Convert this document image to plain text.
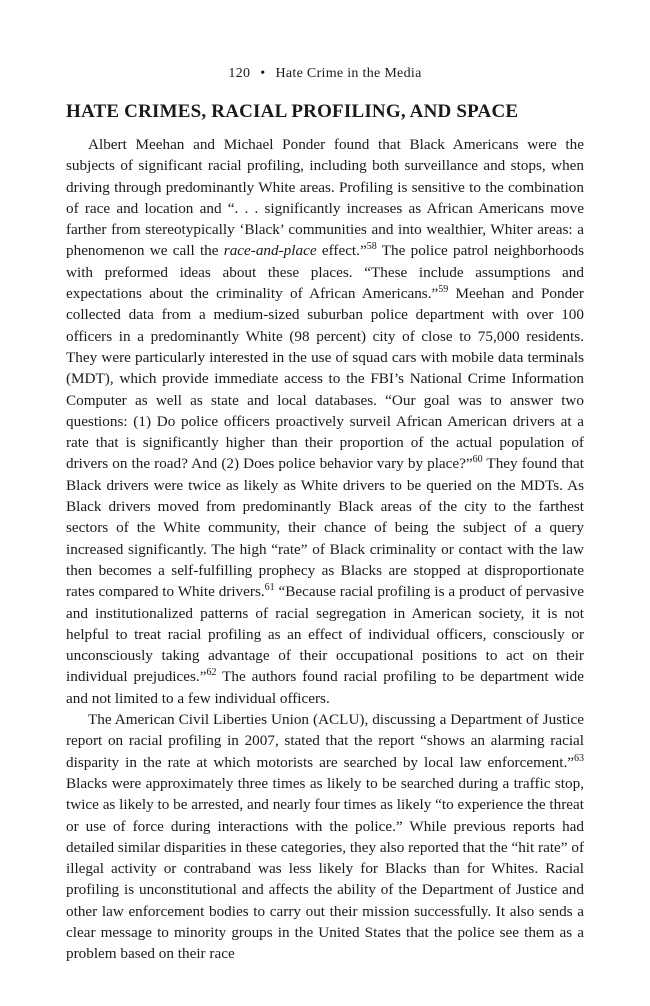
120 • Hate Crime in the Media
HATE CRIMES, RACIAL PROFILING, AND SPACE

Albert Meehan and Michael Ponder found that Black Americans were the subjects of significant racial profiling, including both surveillance and stops, when driving through predominantly White areas. Profiling is sensitive to the combination of race and location and “. . . significantly increases as African Americans move farther from stereotypically ‘Black’ communities and into wealthier, Whiter areas: a phenomenon we call the race-and-place effect.”$^{58}$ The police patrol neighborhoods with preformed ideas about these places. “These include assumptions and expectations about the criminality of African Americans.”$^{59}$ Meehan and Ponder collected data from a medium-sized suburban police department with over 100 officers in a predominantly White (98 percent) city of close to 75,000 residents. They were particularly interested in the use of squad cars with mobile data terminals (MDT), which provide immediate access to the FBI’s National Crime Information Computer as well as state and local databases. “Our goal was to answer two questions: (1) Do police officers proactively surveil African American drivers at a rate that is significantly higher than their proportion of the actual population of drivers on the road? And (2) Does police behavior vary by place?”$^{60}$ They found that Black drivers were twice as likely as White drivers to be queried on the MDTs. As Black drivers moved from predominantly Black areas of the city to the farthest sectors of the White community, their chance of being the subject of a query increased significantly. The high “rate” of Black criminality or contact with the law then becomes a self-fulfilling prophecy as Blacks are stopped at disproportionate rates compared to White drivers.$^{61}$ “Because racial profiling is a product of pervasive and institutionalized patterns of racial segregation in American society, it is not helpful to treat racial profiling as an effect of individual officers, consciously or unconsciously taking advantage of their occupational positions to act on their individual prejudices.”$^{62}$ The authors found racial profiling to be department wide and not limited to a few individual officers.

The American Civil Liberties Union (ACLU), discussing a Department of Justice report on racial profiling in 2007, stated that the report “shows an alarming racial disparity in the rate at which motorists are searched by local law enforcement.”$^{63}$ Blacks were approximately three times as likely to be searched during a traffic stop, twice as likely to be arrested, and nearly four times as likely “to experience the threat or use of force during interactions with the police.” While previous reports had detailed similar disparities in these categories, they also reported that the “hit rate” of illegal activity or contraband was less likely for Blacks than for Whites. Racial profiling is unconstitutional and affects the ability of the Department of Justice and other law enforcement bodies to carry out their mission successfully. It also sends a clear message to minority groups in the United States that the police see them as a problem based on their race
